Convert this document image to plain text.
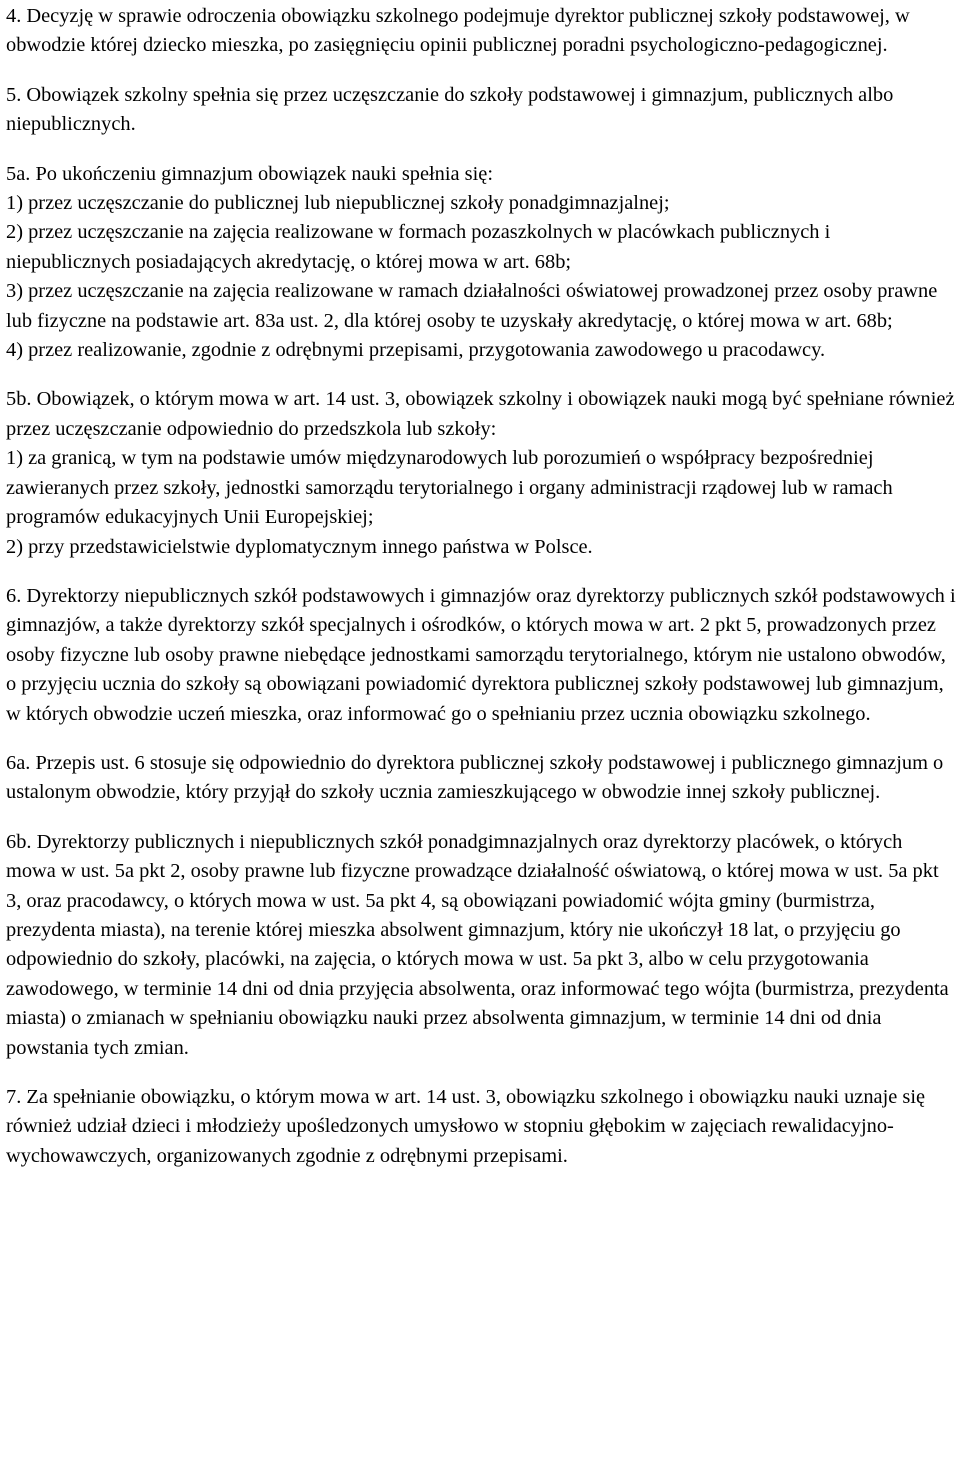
4. Decyzję w sprawie odroczenia obowiązku szkolnego podejmuje dyrektor publicznej szkoły podstawowej, w obwodzie której dziecko mieszka, po zasięgnięciu opinii publicznej poradni psychologiczno-pedagogicznej.
5. Obowiązek szkolny spełnia się przez uczęszczanie do szkoły podstawowej i gimnazjum, publicznych albo niepublicznych.
5a. Po ukończeniu gimnazjum obowiązek nauki spełnia się:
1) przez uczęszczanie do publicznej lub niepublicznej szkoły ponadgimnazjalnej;
2) przez uczęszczanie na zajęcia realizowane w formach pozaszkolnych w placówkach publicznych i niepublicznych posiadających akredytację, o której mowa w art. 68b;
3) przez uczęszczanie na zajęcia realizowane w ramach działalności oświatowej prowadzonej przez osoby prawne lub fizyczne na podstawie art. 83a ust. 2, dla której osoby te uzyskały akredytację, o której mowa w art. 68b;
4) przez realizowanie, zgodnie z odrębnymi przepisami, przygotowania zawodowego u pracodawcy.
5b. Obowiązek, o którym mowa w art. 14 ust. 3, obowiązek szkolny i obowiązek nauki mogą być spełniane również przez uczęszczanie odpowiednio do przedszkola lub szkoły:
1) za granicą, w tym na podstawie umów międzynarodowych lub porozumień o współpracy bezpośredniej zawieranych przez szkoły, jednostki samorządu terytorialnego i organy administracji rządowej lub w ramach programów edukacyjnych Unii Europejskiej;
2) przy przedstawicielstwie dyplomatycznym innego państwa w Polsce.
6. Dyrektorzy niepublicznych szkół podstawowych i gimnazjów oraz dyrektorzy publicznych szkół podstawowych i gimnazjów, a także dyrektorzy szkół specjalnych i ośrodków, o których mowa w art. 2 pkt 5, prowadzonych przez osoby fizyczne lub osoby prawne niebędące jednostkami samorządu terytorialnego, którym nie ustalono obwodów, o przyjęciu ucznia do szkoły są obowiązani powiadomić dyrektora publicznej szkoły podstawowej lub gimnazjum, w których obwodzie uczeń mieszka, oraz informować go o spełnianiu przez ucznia obowiązku szkolnego.
6a. Przepis ust. 6 stosuje się odpowiednio do dyrektora publicznej szkoły podstawowej i publicznego gimnazjum o ustalonym obwodzie, który przyjął do szkoły ucznia zamieszkującego w obwodzie innej szkoły publicznej.
6b. Dyrektorzy publicznych i niepublicznych szkół ponadgimnazjalnych oraz dyrektorzy placówek, o których mowa w ust. 5a pkt 2, osoby prawne lub fizyczne prowadzące działalność oświatową, o której mowa w ust. 5a pkt 3, oraz pracodawcy, o których mowa w ust. 5a pkt 4, są obowiązani powiadomić wójta gminy (burmistrza, prezydenta miasta), na terenie której mieszka absolwent gimnazjum, który nie ukończył 18 lat, o przyjęciu go odpowiednio do szkoły, placówki, na zajęcia, o których mowa w ust. 5a pkt 3, albo w celu przygotowania zawodowego, w terminie 14 dni od dnia przyjęcia absolwenta, oraz informować tego wójta (burmistrza, prezydenta miasta) o zmianach w spełnianiu obowiązku nauki przez absolwenta gimnazjum, w terminie 14 dni od dnia powstania tych zmian.
7. Za spełnianie obowiązku, o którym mowa w art. 14 ust. 3, obowiązku szkolnego i obowiązku nauki uznaje się również udział dzieci i młodzieży upośledzonych umysłowo w stopniu głębokim w zajęciach rewalidacyjno-wychowawczych, organizowanych zgodnie z odrębnymi przepisami.
